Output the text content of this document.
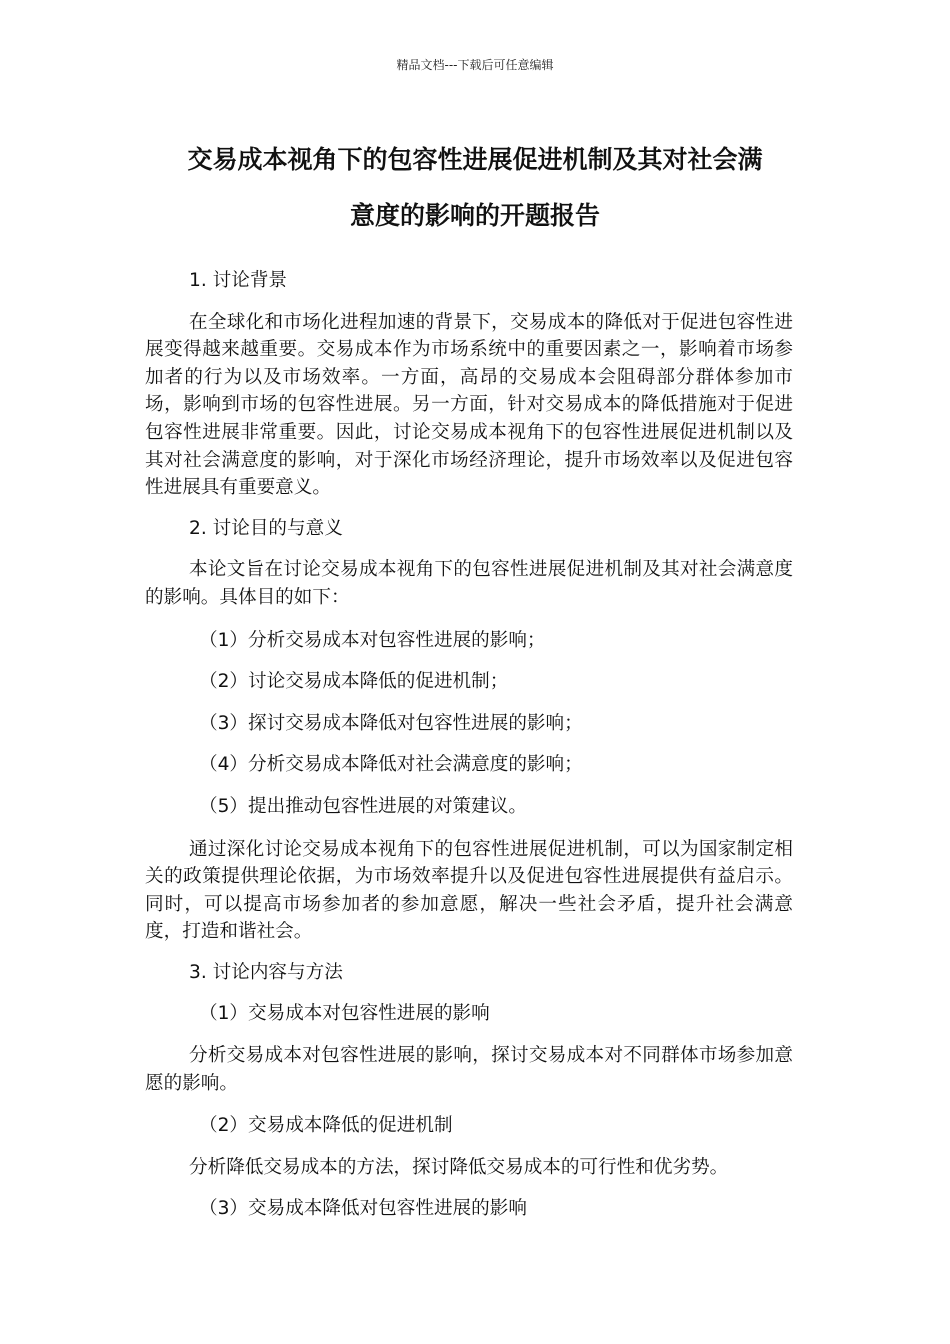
精品文档---下载后可任意编辑
交易成本视角下的包容性进展促进机制及其对社会满
意度的影响的开题报告

1. 讨论背景

在全球化和市场化进程加速的背景下，交易成本的降低对于促进包容性进展变得越来越重要。交易成本作为市场系统中的重要因素之一，影响着市场参加者的行为以及市场效率。一方面，高昂的交易成本会阻碍部分群体参加市场，影响到市场的包容性进展。另一方面，针对交易成本的降低措施对于促进包容性进展非常重要。因此，讨论交易成本视角下的包容性进展促进机制以及其对社会满意度的影响，对于深化市场经济理论，提升市场效率以及促进包容性进展具有重要意义。

2. 讨论目的与意义

本论文旨在讨论交易成本视角下的包容性进展促进机制及其对社会满意度的影响。具体目的如下：

（1）分析交易成本对包容性进展的影响；

（2）讨论交易成本降低的促进机制；

（3）探讨交易成本降低对包容性进展的影响；

（4）分析交易成本降低对社会满意度的影响；

（5）提出推动包容性进展的对策建议。

通过深化讨论交易成本视角下的包容性进展促进机制，可以为国家制定相关的政策提供理论依据，为市场效率提升以及促进包容性进展提供有益启示。同时，可以提高市场参加者的参加意愿，解决一些社会矛盾，提升社会满意度，打造和谐社会。

3. 讨论内容与方法

（1）交易成本对包容性进展的影响

分析交易成本对包容性进展的影响，探讨交易成本对不同群体市场参加意愿的影响。

（2）交易成本降低的促进机制

分析降低交易成本的方法，探讨降低交易成本的可行性和优劣势。

（3）交易成本降低对包容性进展的影响
